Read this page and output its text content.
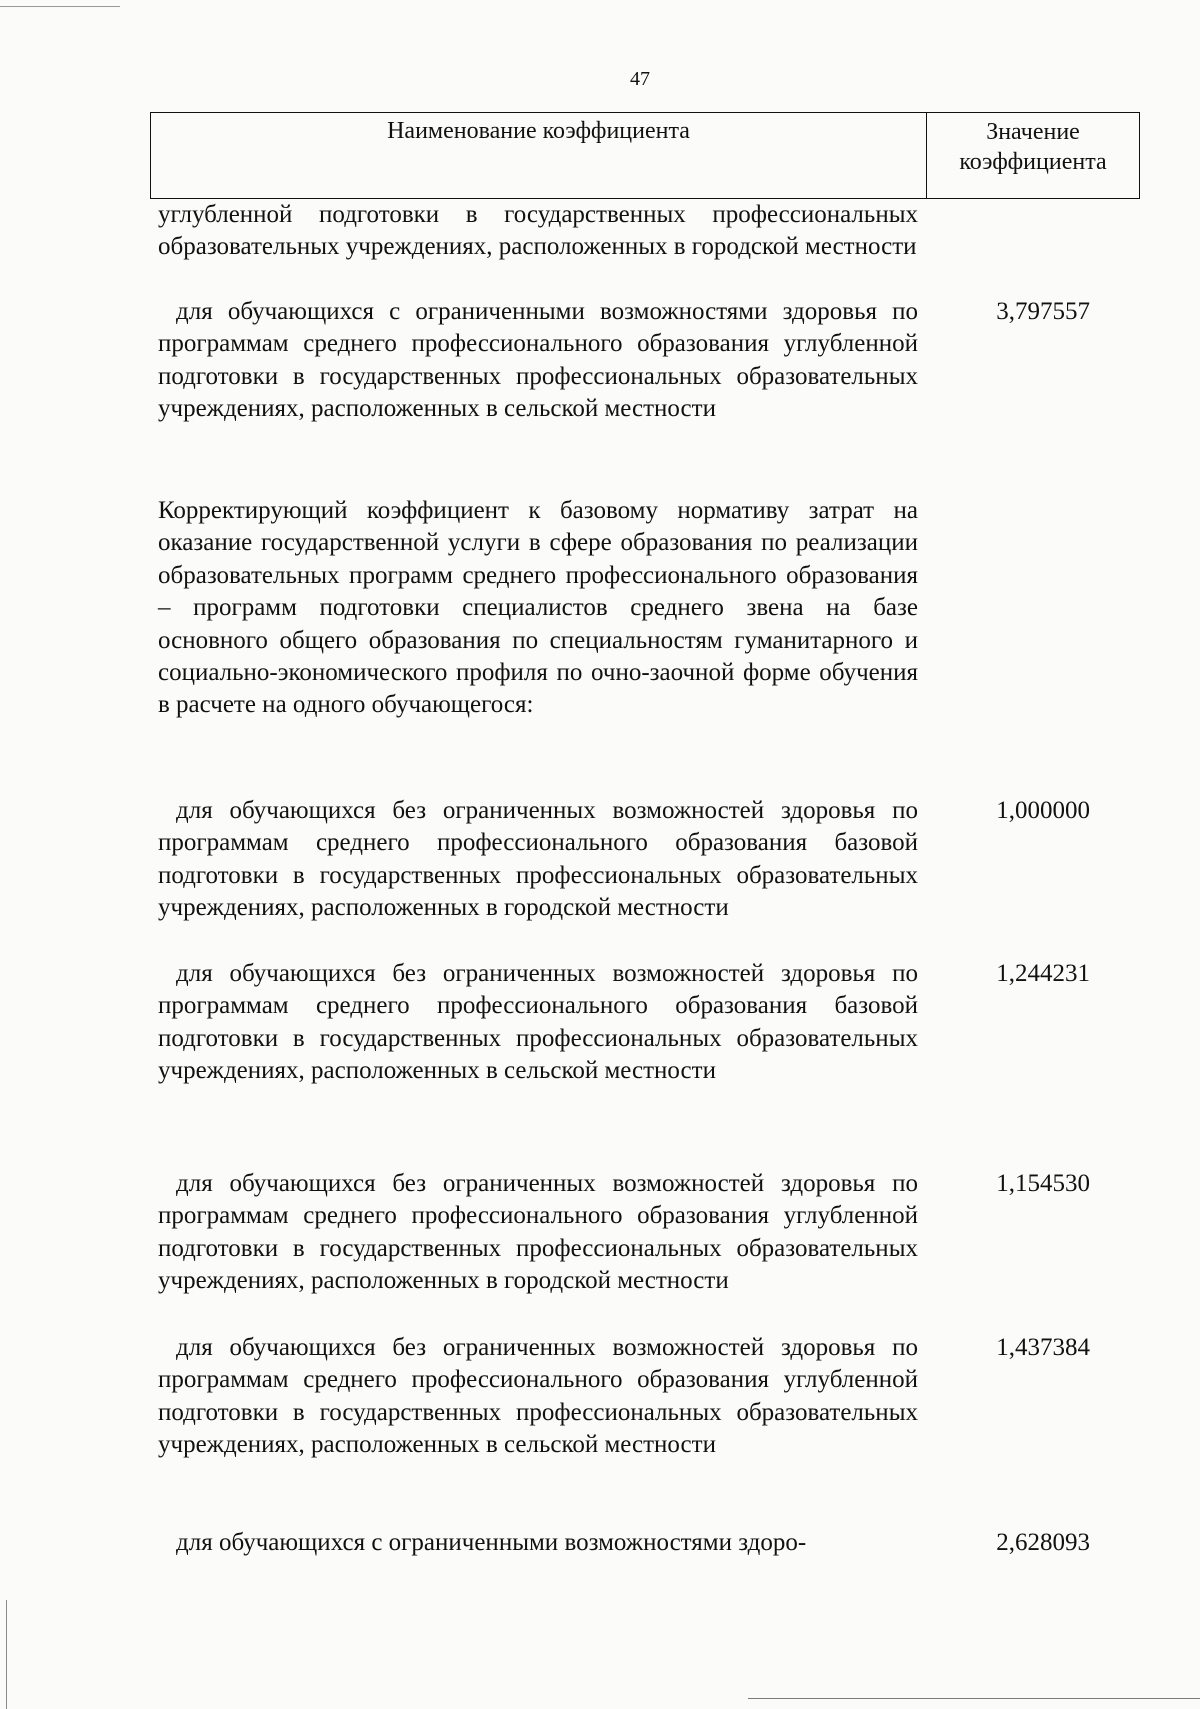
47
Наименование коэффициента	Значение
коэффициента
углубленной подготовки в государственных профессиональных образовательных учреждениях, расположенных в городской местности
для обучающихся с ограниченными возможностями здоровья по программам среднего профессионального образования углубленной подготовки в государственных профессиональных образовательных учреждениях, расположенных в сельской местности
3,797557
Корректирующий коэффициент к базовому нормативу затрат на оказание государственной услуги в сфере образования по реализации образовательных программ среднего профессионального образования – программ подготовки специалистов среднего звена на базе основного общего образования по специальностям гуманитарного и социально-экономического профиля по очно-заочной форме обучения в расчете на одного обучающегося:
для обучающихся без ограниченных возможностей здоровья по программам среднего профессионального образования базовой подготовки в государственных профессиональных образовательных учреждениях, расположенных в городской местности
1,000000
для обучающихся без ограниченных возможностей здоровья по программам среднего профессионального образования базовой подготовки в государственных профессиональных образовательных учреждениях, расположенных в сельской местности
1,244231
для обучающихся без ограниченных возможностей здоровья по программам среднего профессионального образования углубленной подготовки в государственных профессиональных образовательных учреждениях, расположенных в городской местности
1,154530
для обучающихся без ограниченных возможностей здоровья по программам среднего профессионального образования углубленной подготовки в государственных профессиональных образовательных учреждениях, расположенных в сельской местности
1,437384
для обучающихся с ограниченными возможностями здоро-	2,628093
